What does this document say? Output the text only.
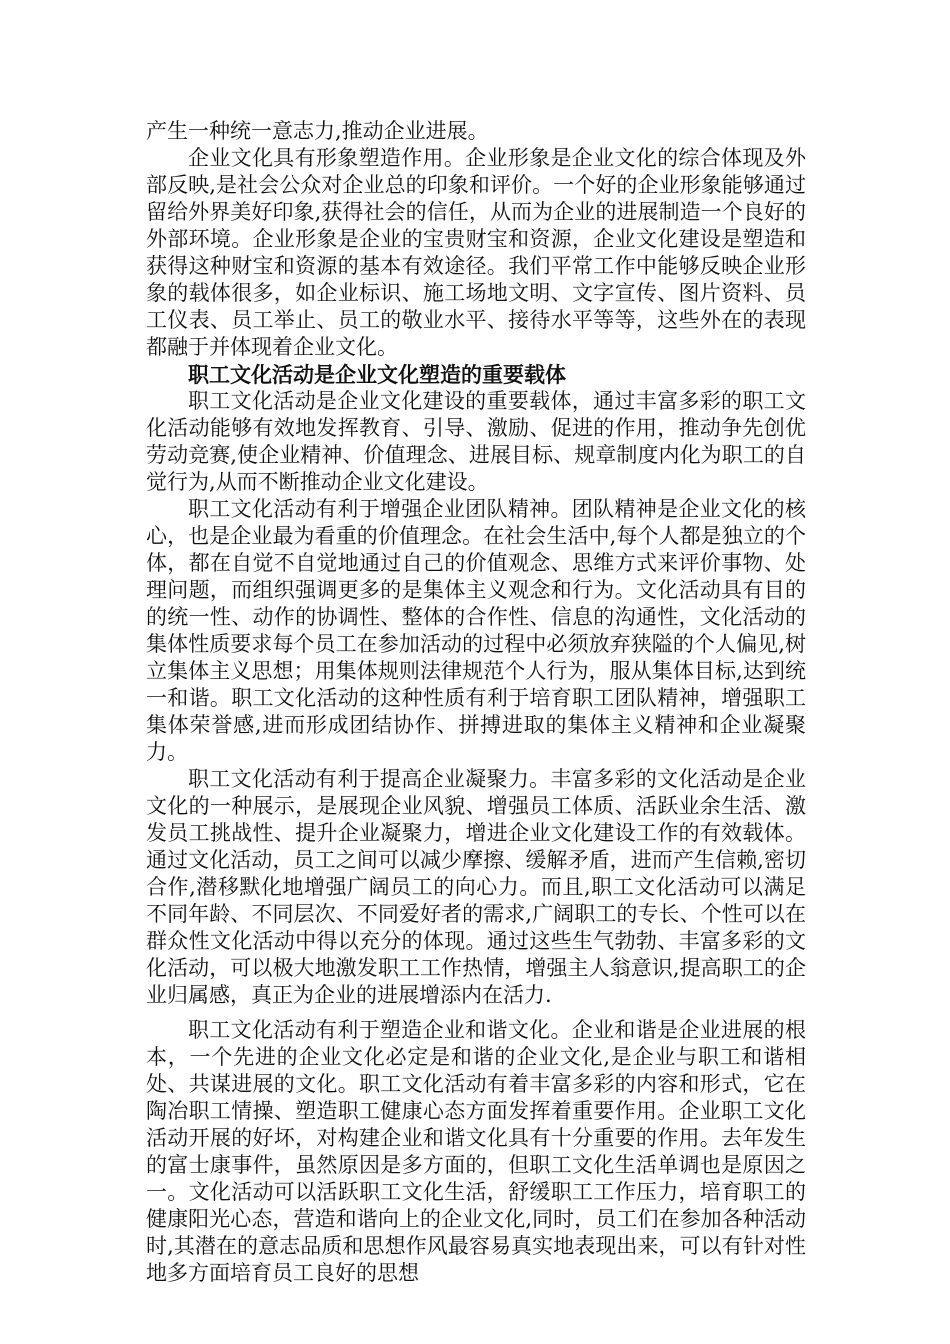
产生一种统一意志力,推动企业进展。

企业文化具有形象塑造作用。企业形象是企业文化的综合体现及外部反映,是社会公众对企业总的印象和评价。一个好的企业形象能够通过留给外界美好印象,获得社会的信任，从而为企业的进展制造一个良好的外部环境。企业形象是企业的宝贵财宝和资源，企业文化建设是塑造和获得这种财宝和资源的基本有效途径。我们平常工作中能够反映企业形象的载体很多，如企业标识、施工场地文明、文字宣传、图片资料、员工仪表、员工举止、员工的敬业水平、接待水平等等，这些外在的表现都融于并体现着企业文化。

职工文化活动是企业文化塑造的重要载体

职工文化活动是企业文化建设的重要载体，通过丰富多彩的职工文化活动能够有效地发挥教育、引导、激励、促进的作用，推动争先创优劳动竞赛,使企业精神、价值理念、进展目标、规章制度内化为职工的自觉行为,从而不断推动企业文化建设。

职工文化活动有利于增强企业团队精神。团队精神是企业文化的核心，也是企业最为看重的价值理念。在社会生活中,每个人都是独立的个体，都在自觉不自觉地通过自己的价值观念、思维方式来评价事物、处理问题，而组织强调更多的是集体主义观念和行为。文化活动具有目的的统一性、动作的协调性、整体的合作性、信息的沟通性，文化活动的集体性质要求每个员工在参加活动的过程中必须放弃狭隘的个人偏见,树立集体主义思想；用集体规则法律规范个人行为，服从集体目标,达到统一和谐。职工文化活动的这种性质有利于培育职工团队精神，增强职工集体荣誉感,进而形成团结协作、拼搏进取的集体主义精神和企业凝聚力。

职工文化活动有利于提高企业凝聚力。丰富多彩的文化活动是企业文化的一种展示，是展现企业风貌、增强员工体质、活跃业余生活、激发员工挑战性、提升企业凝聚力，增进企业文化建设工作的有效载体。通过文化活动，员工之间可以减少摩擦、缓解矛盾，进而产生信赖,密切合作,潜移默化地增强广阔员工的向心力。而且,职工文化活动可以满足不同年龄、不同层次、不同爱好者的需求,广阔职工的专长、个性可以在群众性文化活动中得以充分的体现。通过这些生气勃勃、丰富多彩的文化活动，可以极大地激发职工工作热情，增强主人翁意识,提高职工的企业归属感，真正为企业的进展增添内在活力.

职工文化活动有利于塑造企业和谐文化。企业和谐是企业进展的根本，一个先进的企业文化必定是和谐的企业文化,是企业与职工和谐相处、共谋进展的文化。职工文化活动有着丰富多彩的内容和形式，它在陶冶职工情操、塑造职工健康心态方面发挥着重要作用。企业职工文化活动开展的好坏，对构建企业和谐文化具有十分重要的作用。去年发生的富士康事件，虽然原因是多方面的，但职工文化生活单调也是原因之一。文化活动可以活跃职工文化生活，舒缓职工工作压力，培育职工的健康阳光心态，营造和谐向上的企业文化,同时，员工们在参加各种活动时,其潜在的意志品质和思想作风最容易真实地表现出来，可以有针对性地多方面培育员工良好的思想
